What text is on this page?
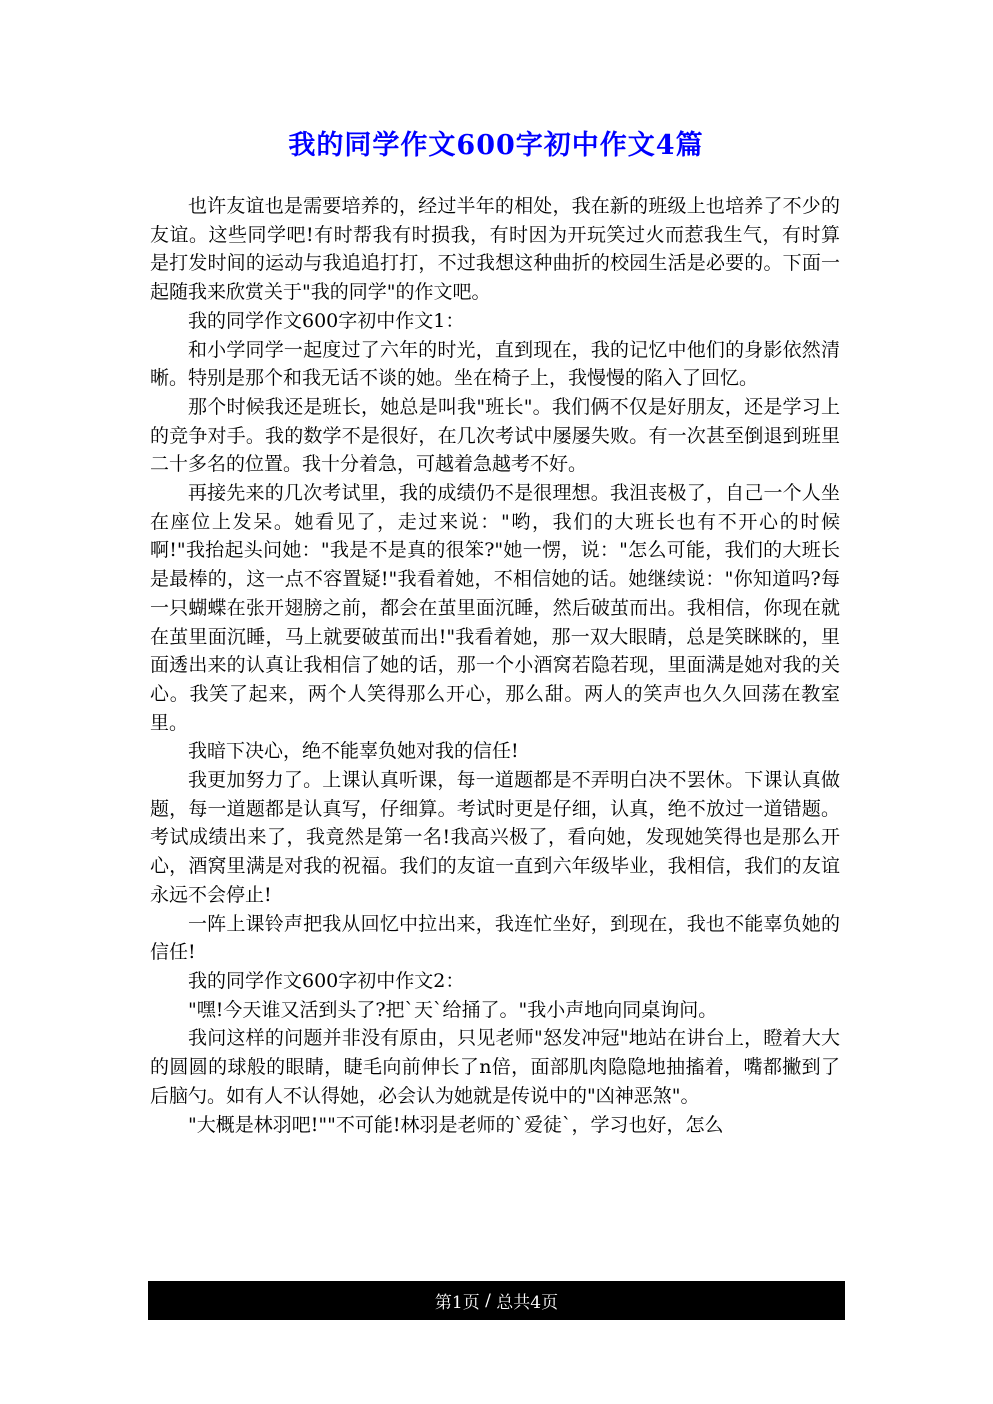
我的同学作文600字初中作文4篇

也许友谊也是需要培养的，经过半年的相处，我在新的班级上也培养了不少的友谊。这些同学吧!有时帮我有时损我，有时因为开玩笑过火而惹我生气，有时算是打发时间的运动与我追追打打，不过我想这种曲折的校园生活是必要的。下面一起随我来欣赏关于"我的同学"的作文吧。

我的同学作文600字初中作文1：

和小学同学一起度过了六年的时光，直到现在，我的记忆中他们的身影依然清晰。特别是那个和我无话不谈的她。坐在椅子上，我慢慢的陷入了回忆。

那个时候我还是班长，她总是叫我"班长"。我们俩不仅是好朋友，还是学习上的竞争对手。我的数学不是很好，在几次考试中屡屡失败。有一次甚至倒退到班里二十多名的位置。我十分着急，可越着急越考不好。

再接先来的几次考试里，我的成绩仍不是很理想。我沮丧极了，自己一个人坐在座位上发呆。她看见了，走过来说："哟，我们的大班长也有不开心的时候啊!"我抬起头问她："我是不是真的很笨?"她一愣，说："怎么可能，我们的大班长是最棒的，这一点不容置疑!"我看着她，不相信她的话。她继续说："你知道吗?每一只蝴蝶在张开翅膀之前，都会在茧里面沉睡，然后破茧而出。我相信，你现在就在茧里面沉睡，马上就要破茧而出!"我看着她，那一双大眼睛，总是笑眯眯的，里面透出来的认真让我相信了她的话，那一个小酒窝若隐若现，里面满是她对我的关心。我笑了起来，两个人笑得那么开心，那么甜。两人的笑声也久久回荡在教室里。

我暗下决心，绝不能辜负她对我的信任!

我更加努力了。上课认真听课，每一道题都是不弄明白决不罢休。下课认真做题，每一道题都是认真写，仔细算。考试时更是仔细，认真，绝不放过一道错题。考试成绩出来了，我竟然是第一名!我高兴极了，看向她，发现她笑得也是那么开心，酒窝里满是对我的祝福。我们的友谊一直到六年级毕业，我相信，我们的友谊永远不会停止!

一阵上课铃声把我从回忆中拉出来，我连忙坐好，到现在，我也不能辜负她的信任!

我的同学作文600字初中作文2：

"嘿!今天谁又活到头了?把`天`给捅了。"我小声地向同桌询问。

我问这样的问题并非没有原由，只见老师"怒发冲冠"地站在讲台上，瞪着大大的圆圆的球般的眼睛，睫毛向前伸长了n倍，面部肌肉隐隐地抽搐着，嘴都撇到了后脑勺。如有人不认得她，必会认为她就是传说中的"凶神恶煞"。

"大概是林羽吧!""不可能!林羽是老师的`爱徒`，学习也好，怎么

第1页 / 总共4页
